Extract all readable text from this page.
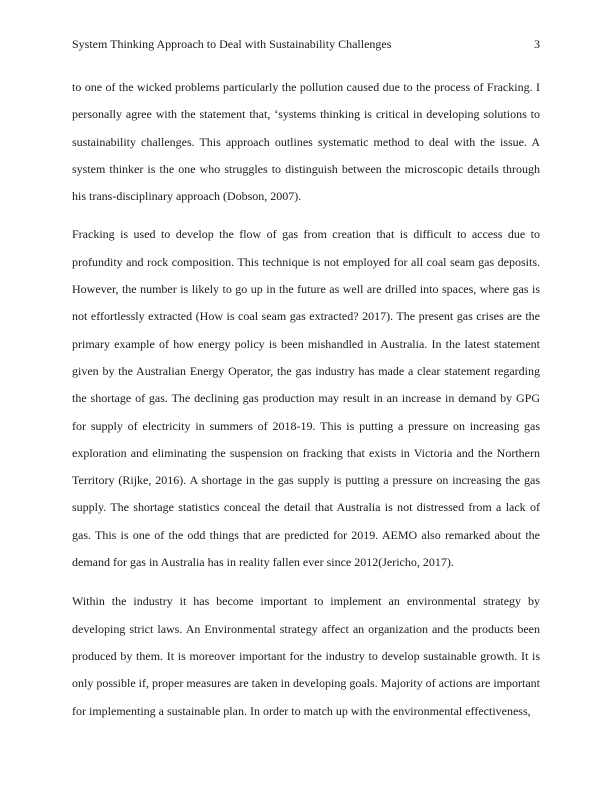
System Thinking Approach to Deal with Sustainability Challenges	3

to one of the wicked problems particularly the pollution caused due to the process of Fracking. I personally agree with the statement that, ‘systems thinking is critical in developing solutions to sustainability challenges. This approach outlines systematic method to deal with the issue. A system thinker is the one who struggles to distinguish between the microscopic details through his trans-disciplinary approach (Dobson, 2007).

Fracking is used to develop the flow of gas from creation that is difficult to access due to profundity and rock composition. This technique is not employed for all coal seam gas deposits. However, the number is likely to go up in the future as well are drilled into spaces, where gas is not effortlessly extracted (How is coal seam gas extracted? 2017). The present gas crises are the primary example of how energy policy is been mishandled in Australia. In the latest statement given by the Australian Energy Operator, the gas industry has made a clear statement regarding the shortage of gas. The declining gas production may result in an increase in demand by GPG for supply of electricity in summers of 2018-19. This is putting a pressure on increasing gas exploration and eliminating the suspension on fracking that exists in Victoria and the Northern Territory (Rijke, 2016). A shortage in the gas supply is putting a pressure on increasing the gas supply. The shortage statistics conceal the detail that Australia is not distressed from a lack of gas. This is one of the odd things that are predicted for 2019. AEMO also remarked about the demand for gas in Australia has in reality fallen ever since 2012(Jericho, 2017).

Within the industry it has become important to implement an environmental strategy by developing strict laws. An Environmental strategy affect an organization and the products been produced by them. It is moreover important for the industry to develop sustainable growth. It is only possible if, proper measures are taken in developing goals. Majority of actions are important for implementing a sustainable plan. In order to match up with the environmental effectiveness,
